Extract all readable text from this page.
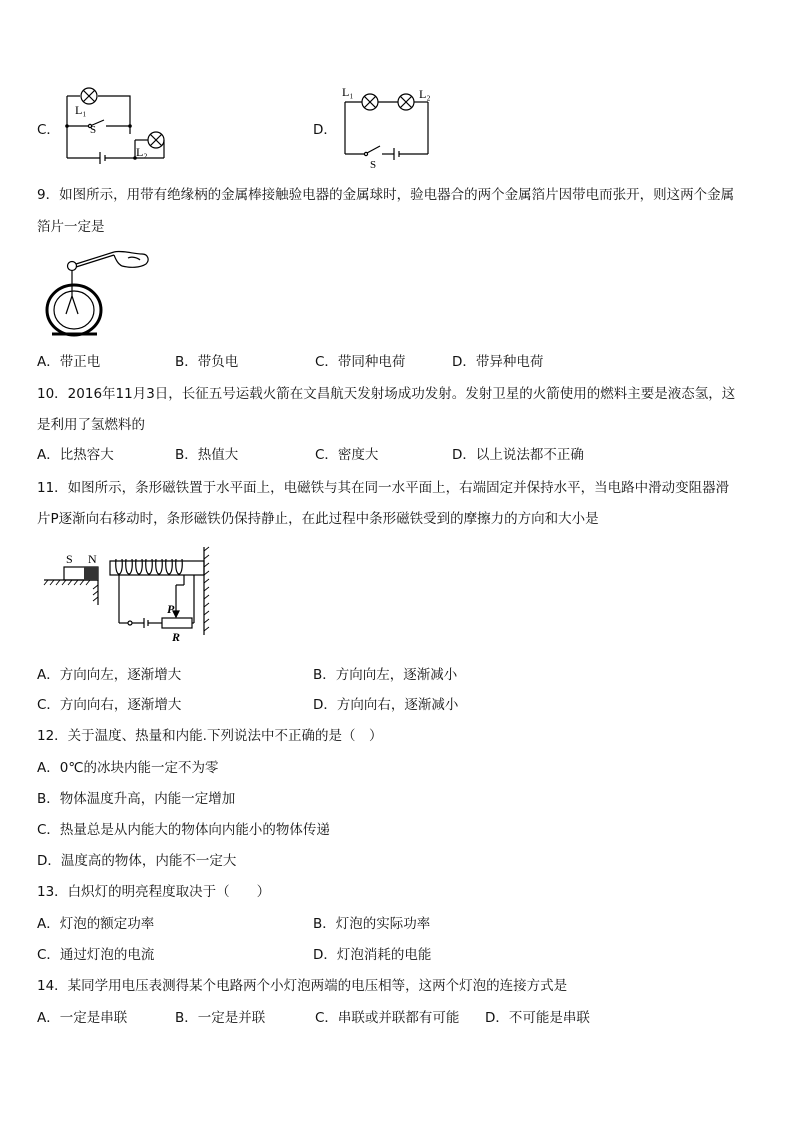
C．
L₁
S
L₂
D．
L₁	L₂
S
9．如图所示，用带有绝缘柄的金属棒接触验电器的金属球时，验电器合的两个金属箔片因带电而张开，则这两个金属
箔片一定是
A．带正电	B．带负电	C．带同种电荷	D．带异种电荷
10．2016年11月3日，长征五号运载火箭在文昌航天发射场成功发射。发射卫星的火箭使用的燃料主要是液态氢，这
是利用了氢燃料的
A．比热容大	B．热值大	C．密度大	D．以上说法都不正确
11．如图所示，条形磁铁置于水平面上，电磁铁与其在同一水平面上，右端固定并保持水平，当电路中滑动变阻器滑
片P逐渐向右移动时，条形磁铁仍保持静止，在此过程中条形磁铁受到的摩擦力的方向和大小是
S N
P
R
A．方向向左，逐渐增大	B．方向向左，逐渐减小
C．方向向右，逐渐增大	D．方向向右，逐渐减小
12．关于温度、热量和内能.下列说法中不正确的是（　）
A．0℃的冰块内能一定不为零
B．物体温度升高，内能一定增加
C．热量总是从内能大的物体向内能小的物体传递
D．温度高的物体，内能不一定大
13．白炽灯的明亮程度取决于（　　）
A．灯泡的额定功率	B．灯泡的实际功率
C．通过灯泡的电流	D．灯泡消耗的电能
14．某同学用电压表测得某个电路两个小灯泡两端的电压相等，这两个灯泡的连接方式是
A．一定是串联	B．一定是并联	C．串联或并联都有可能 D．不可能是串联
